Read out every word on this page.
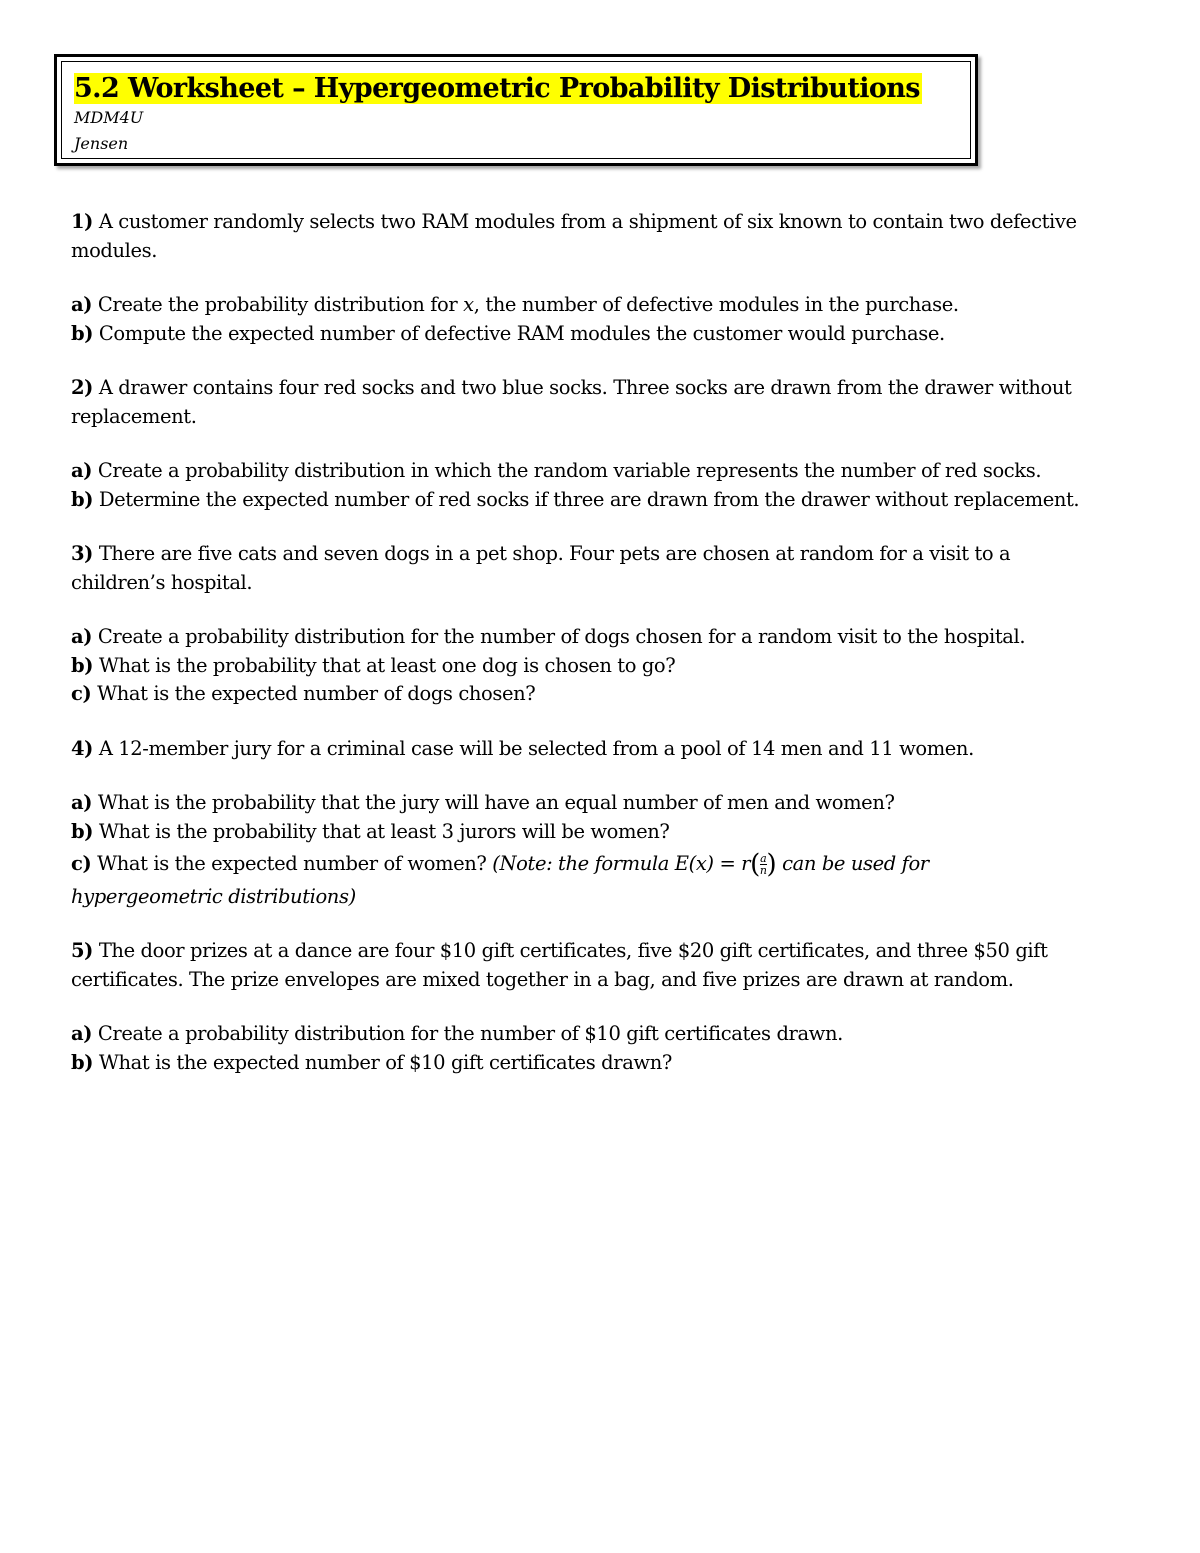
5.2 Worksheet – Hypergeometric Probability Distributions
MDM4U
Jensen
1) A customer randomly selects two RAM modules from a shipment of six known to contain two defective
modules.
a) Create the probability distribution for x, the number of defective modules in the purchase.
b) Compute the expected number of defective RAM modules the customer would purchase.
2) A drawer contains four red socks and two blue socks. Three socks are drawn from the drawer without
replacement.
a) Create a probability distribution in which the random variable represents the number of red socks.
b) Determine the expected number of red socks if three are drawn from the drawer without replacement.
3) There are five cats and seven dogs in a pet shop. Four pets are chosen at random for a visit to a
children’s hospital.
a) Create a probability distribution for the number of dogs chosen for a random visit to the hospital.
b) What is the probability that at least one dog is chosen to go?
c) What is the expected number of dogs chosen?
4) A 12-member jury for a criminal case will be selected from a pool of 14 men and 11 women.
a) What is the probability that the jury will have an equal number of men and women?
b) What is the probability that at least 3 jurors will be women?
c) What is the expected number of women? (Note: the formula $E(x) = r( \frac{a}{n}$ ) can be used for
hypergeometric distributions)
5) The door prizes at a dance are four $10 gift certificates, five $20 gift certificates, and three $50 gift
certificates. The prize envelopes are mixed together in a bag, and five prizes are drawn at random.
a) Create a probability distribution for the number of $10 gift certificates drawn.
b) What is the expected number of $10 gift certificates drawn?
